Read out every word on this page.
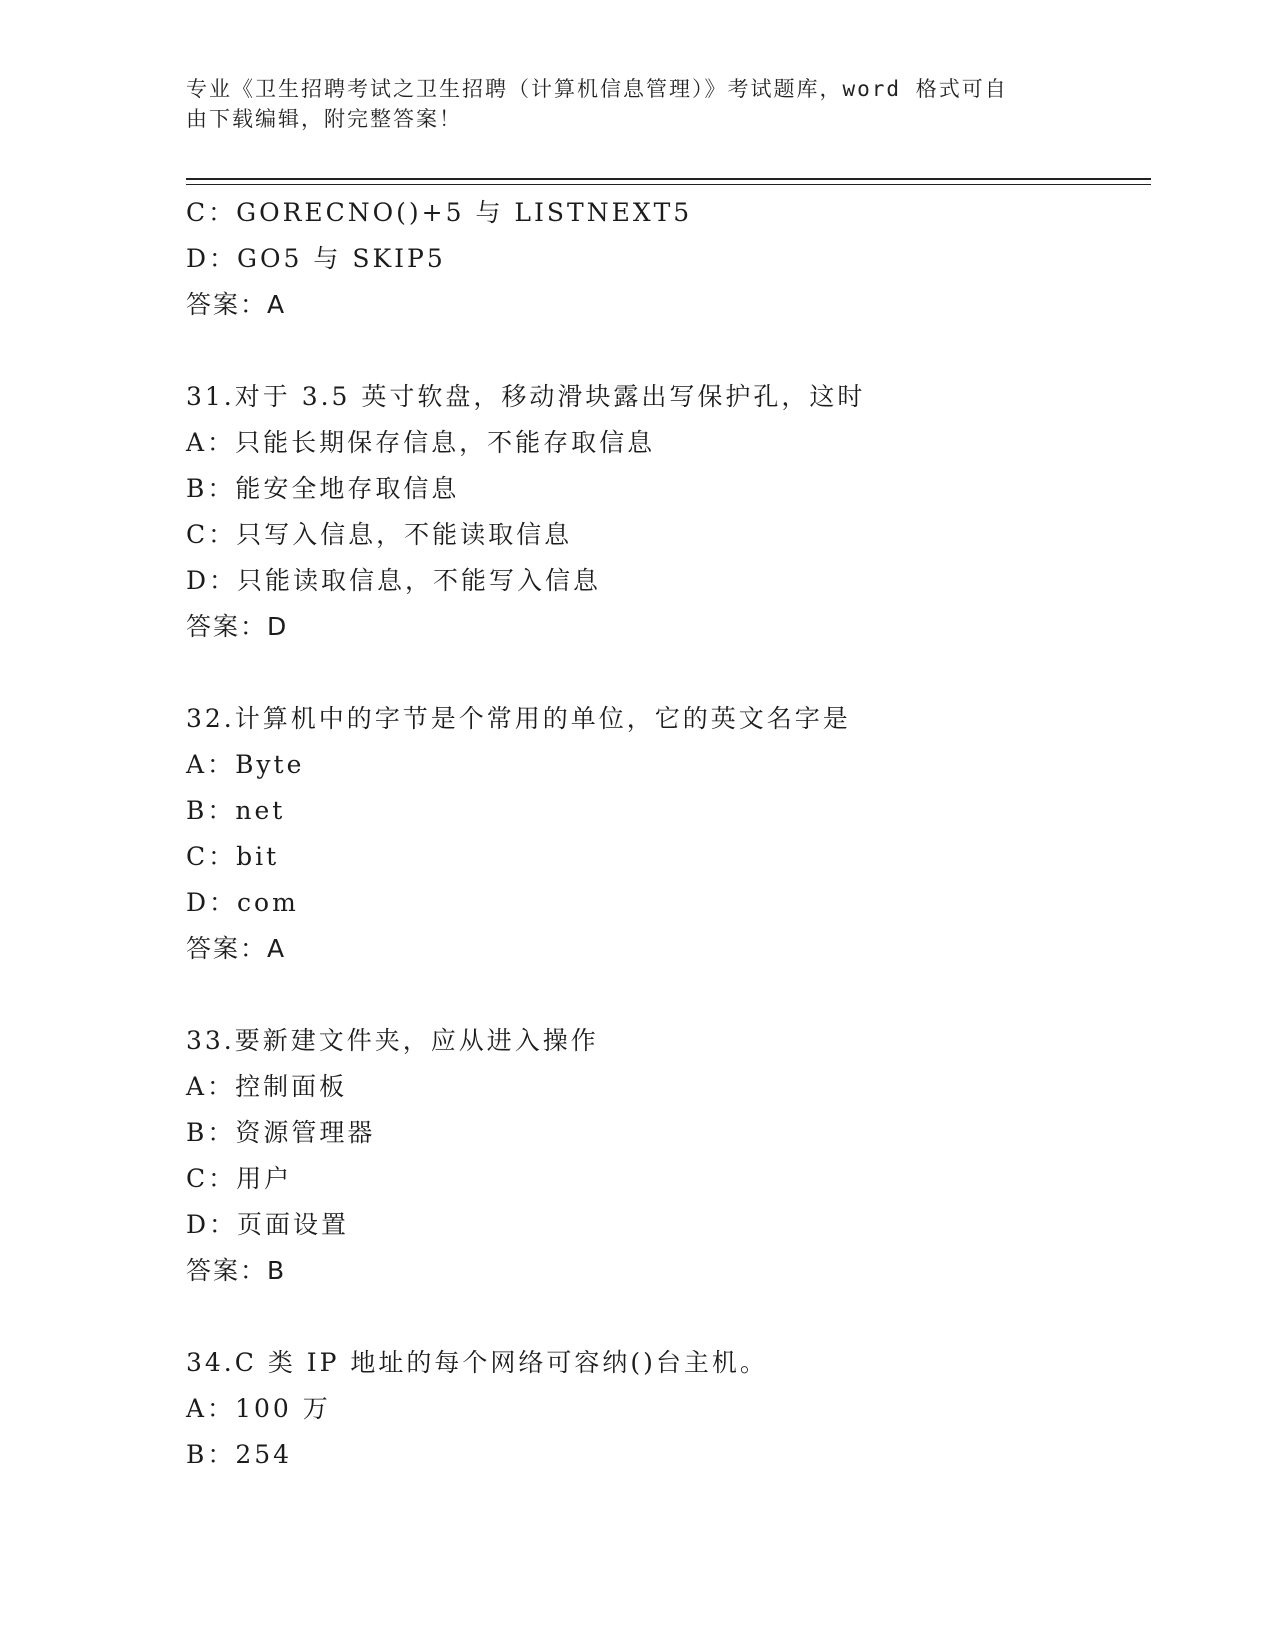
专业《卫生招聘考试之卫生招聘（计算机信息管理）》考试题库，word 格式可自
由下载编辑，附完整答案！
C：GORECNO()+5 与 LISTNEXT5
D：GO5 与 SKIP5
答案：A
31.对于 3.5 英寸软盘，移动滑块露出写保护孔，这时
A：只能长期保存信息，不能存取信息
B：能安全地存取信息
C：只写入信息，不能读取信息
D：只能读取信息，不能写入信息
答案：D
32.计算机中的字节是个常用的单位，它的英文名字是
A：Byte
B：net
C：bit
D：com
答案：A
33.要新建文件夹，应从进入操作
A：控制面板
B：资源管理器
C：用户
D：页面设置
答案：B
34.C 类 IP 地址的每个网络可容纳()台主机。
A：100 万
B：254
